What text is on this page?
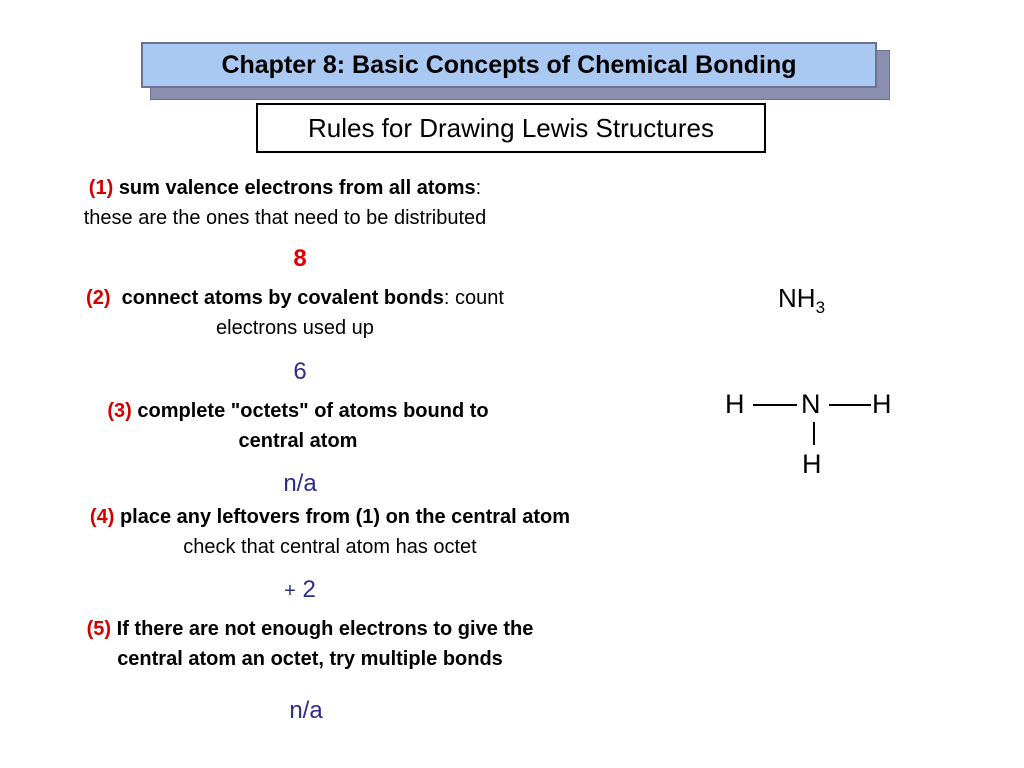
Chapter 8: Basic Concepts of Chemical Bonding
Rules for Drawing Lewis Structures
(1) sum valence electrons from all atoms:
these are the ones that need to be distributed
8
(2) connect atoms by covalent bonds: count
electrons used up
6
(3) complete "octets" of atoms bound to
central atom
n/a
(4) place any leftovers from (1) on the central atom
check that central atom has octet
+ 2
(5) If there are not enough electrons to give the
central atom an octet, try multiple bonds
n/a
$NH_3$
H N H
H
